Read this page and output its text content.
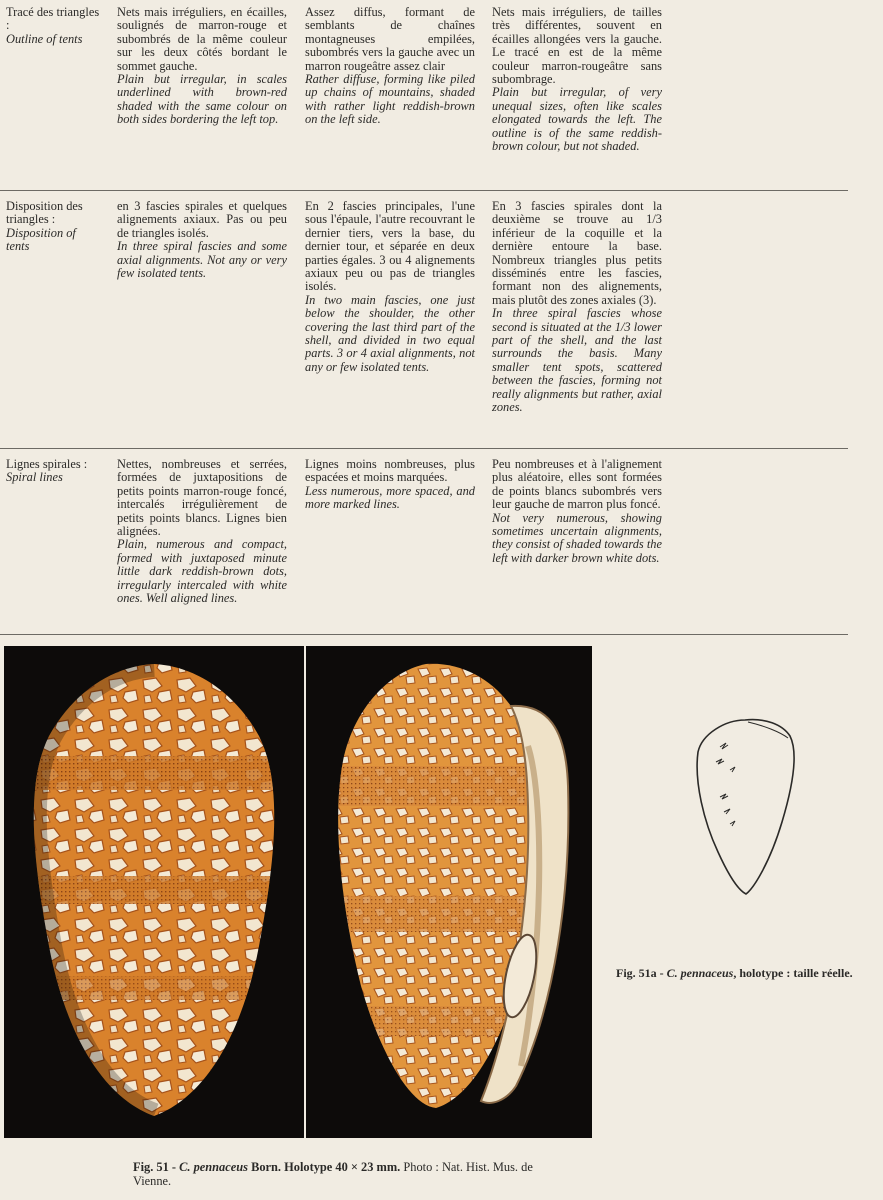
Tracé des triangles :
Outline of tents
Nets mais irréguliers, en écailles, soulignés de marron-rouge et subombrés de la même couleur sur les deux côtés bordant le sommet gauche.
Plain but irregular, in scales underlined with brown-red shaded with the same colour on both sides bordering the left top.
Assez diffus, formant de semblants de chaînes montagneuses empilées, subombrés vers la gauche avec un marron rougeâtre assez clair
Rather diffuse, forming like piled up chains of mountains, shaded with rather light reddish-brown on the left side.
Nets mais irréguliers, de tailles très différentes, souvent en écailles allongées vers la gauche. Le tracé en est de la même couleur marron-rougeâtre sans subombrage.
Plain but irregular, of very unequal sizes, often like scales elongated towards the left. The outline is of the same reddish-brown colour, but not shaded.
Disposition des triangles :
Disposition of tents
en 3 fascies spirales et quelques alignements axiaux. Pas ou peu de triangles isolés.
In three spiral fascies and some axial alignments. Not any or very few isolated tents.
En 2 fascies principales, l'une sous l'épaule, l'autre recouvrant le dernier tiers, vers la base, du dernier tour, et séparée en deux parties égales. 3 ou 4 alignements axiaux peu ou pas de triangles isolés.
In two main fascies, one just below the shoulder, the other covering the last third part of the shell, and divided in two equal parts. 3 or 4 axial alignments, not any or few isolated tents.
En 3 fascies spirales dont la deuxième se trouve au 1/3 inférieur de la coquille et la dernière entoure la base. Nombreux triangles plus petits disséminés entre les fascies, formant non des alignements, mais plutôt des zones axiales (3).
In three spiral fascies whose second is situated at the 1/3 lower part of the shell, and the last surrounds the basis. Many smaller tent spots, scattered between the fascies, forming not really alignments but rather, axial zones.
Lignes spirales :
Spiral lines
Nettes, nombreuses et serrées, formées de juxtapositions de petits points marron-rouge foncé, intercalés irrégulièrement de petits points blancs. Lignes bien alignées.
Plain, numerous and compact, formed with juxtaposed minute little dark reddish-brown dots, irregularly intercaled with white ones. Well aligned lines.
Lignes moins nombreuses, plus espacées et moins marquées.
Less numerous, more spaced, and more marked lines.
Peu nombreuses et à l'alignement plus aléatoire, elles sont formées de points blancs subombrés vers leur gauche de marron plus foncé.
Not very numerous, showing sometimes uncertain alignments, they consist of shaded towards the left with darker brown white dots.
Fig. 51a - C. pennaceus, holotype : taille réelle.
Fig. 51 - C. pennaceus Born. Holotype 40 × 23 mm. Photo : Nat. Hist. Mus. de Vienne.
